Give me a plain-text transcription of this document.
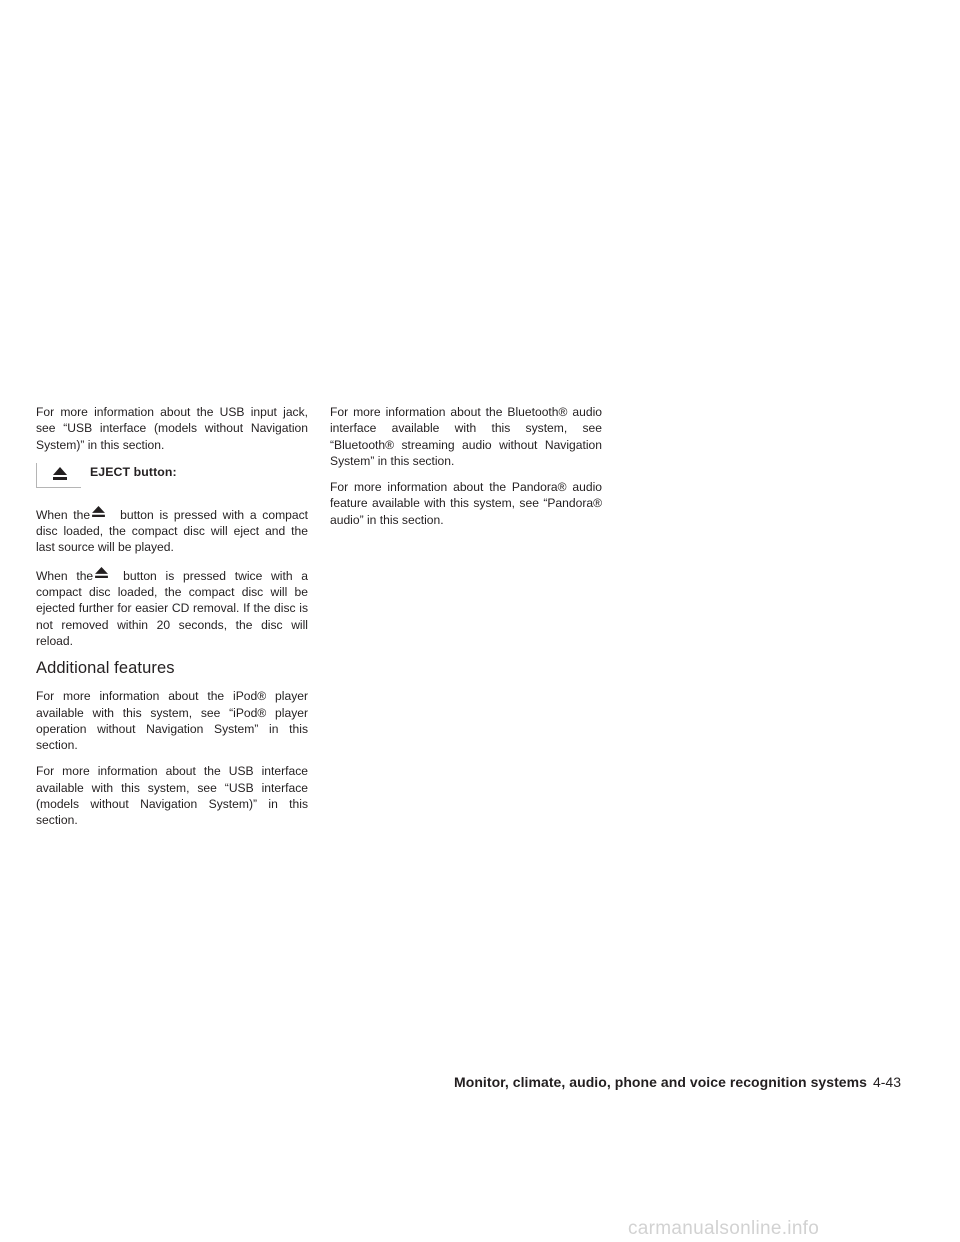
For more information about the USB input jack, see “USB interface (models without Navigation System)” in this section.

EJECT button:

When the button is pressed with a compact disc loaded, the compact disc will eject and the last source will be played.

When the button is pressed twice with a compact disc loaded, the compact disc will be ejected further for easier CD removal. If the disc is not removed within 20 seconds, the disc will reload.

Additional features

For more information about the iPod® player available with this system, see “iPod® player operation without Navigation System” in this section.

For more information about the USB interface available with this system, see “USB interface (models without Navigation System)” in this section.

For more information about the Bluetooth® audio interface available with this system, see “Bluetooth® streaming audio without Navigation System” in this section.

For more information about the Pandora® audio feature available with this system, see “Pandora® audio” in this section.

Monitor, climate, audio, phone and voice recognition systems 4-43
carmanualsonline.info
